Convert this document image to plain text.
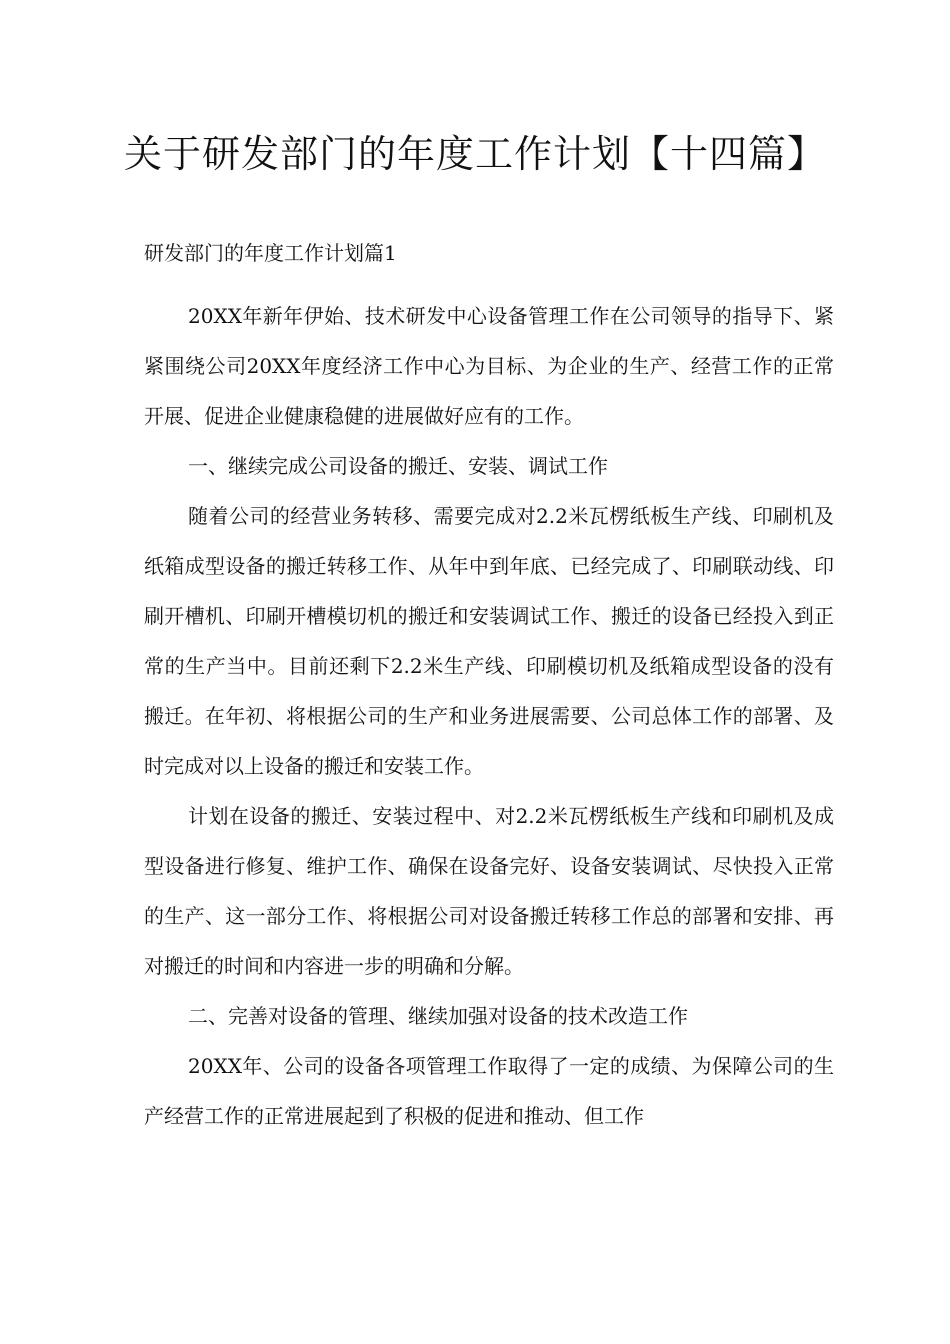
关于研发部门的年度工作计划【十四篇】

研发部门的年度工作计划篇1

20XX年新年伊始、技术研发中心设备管理工作在公司领导的指导下、紧紧围绕公司20XX年度经济工作中心为目标、为企业的生产、经营工作的正常开展、促进企业健康稳健的进展做好应有的工作。

一、继续完成公司设备的搬迁、安装、调试工作

随着公司的经营业务转移、需要完成对2.2米瓦楞纸板生产线、印刷机及纸箱成型设备的搬迁转移工作、从年中到年底、已经完成了、印刷联动线、印刷开槽机、印刷开槽模切机的搬迁和安装调试工作、搬迁的设备已经投入到正常的生产当中。目前还剩下2.2米生产线、印刷模切机及纸箱成型设备的没有搬迁。在年初、将根据公司的生产和业务进展需要、公司总体工作的部署、及时完成对以上设备的搬迁和安装工作。

计划在设备的搬迁、安装过程中、对2.2米瓦楞纸板生产线和印刷机及成型设备进行修复、维护工作、确保在设备完好、设备安装调试、尽快投入正常的生产、这一部分工作、将根据公司对设备搬迁转移工作总的部署和安排、再对搬迁的时间和内容进一步的明确和分解。

二、完善对设备的管理、继续加强对设备的技术改造工作

20XX年、公司的设备各项管理工作取得了一定的成绩、为保障公司的生产经营工作的正常进展起到了积极的促进和推动、但工作
